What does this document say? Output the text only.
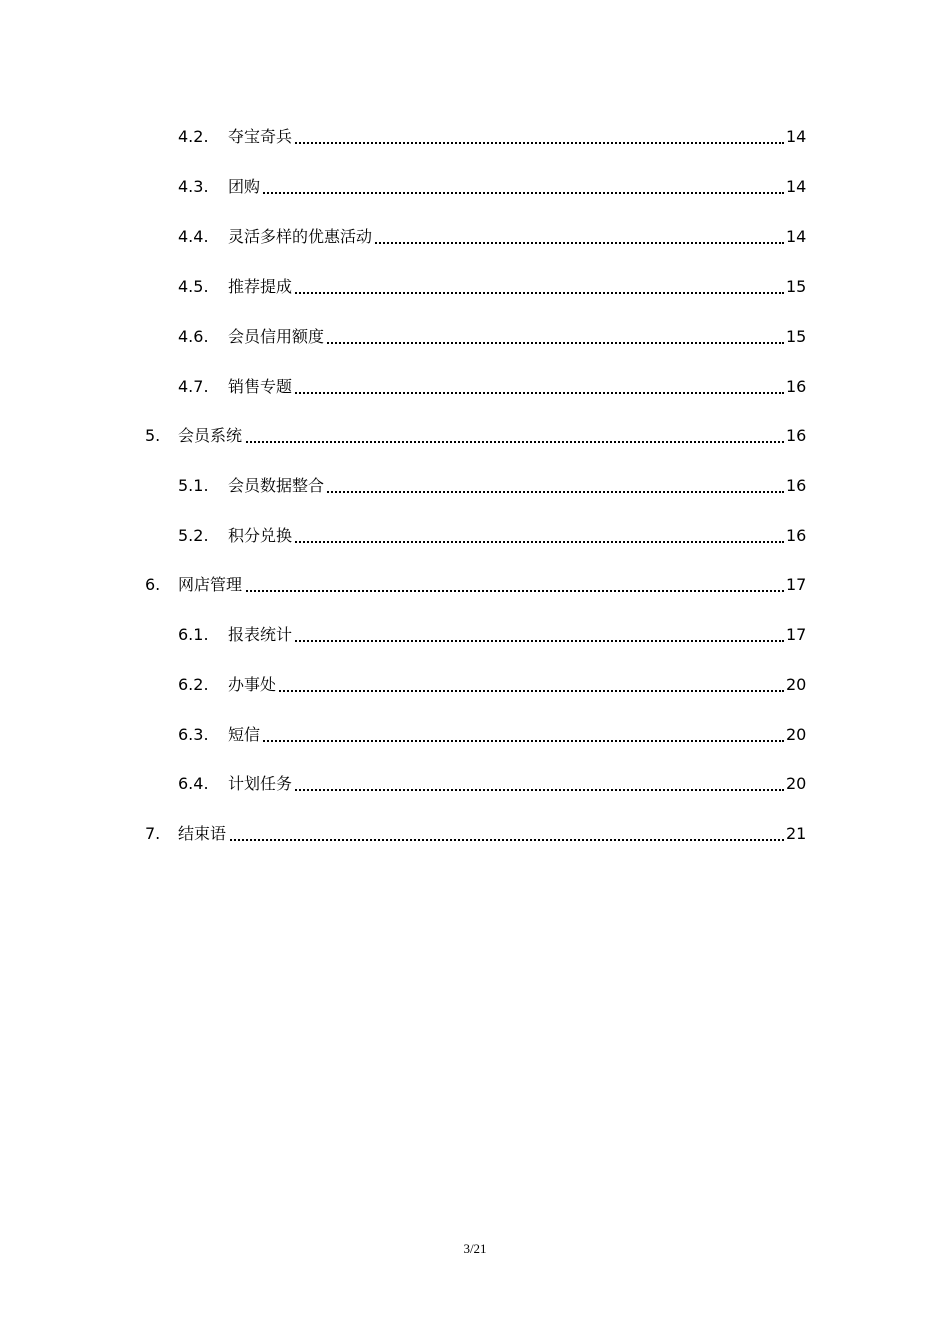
4.2. 夺宝奇兵	14
4.3. 团购	14
4.4. 灵活多样的优惠活动	14
4.5. 推荐提成	15
4.6. 会员信用额度	15
4.7. 销售专题	16
5. 会员系统	16
5.1. 会员数据整合	16
5.2. 积分兑换	16
6. 网店管理	17
6.1. 报表统计	17
6.2. 办事处	20
6.3. 短信	20
6.4. 计划任务	20
7. 结束语	21
3/21
